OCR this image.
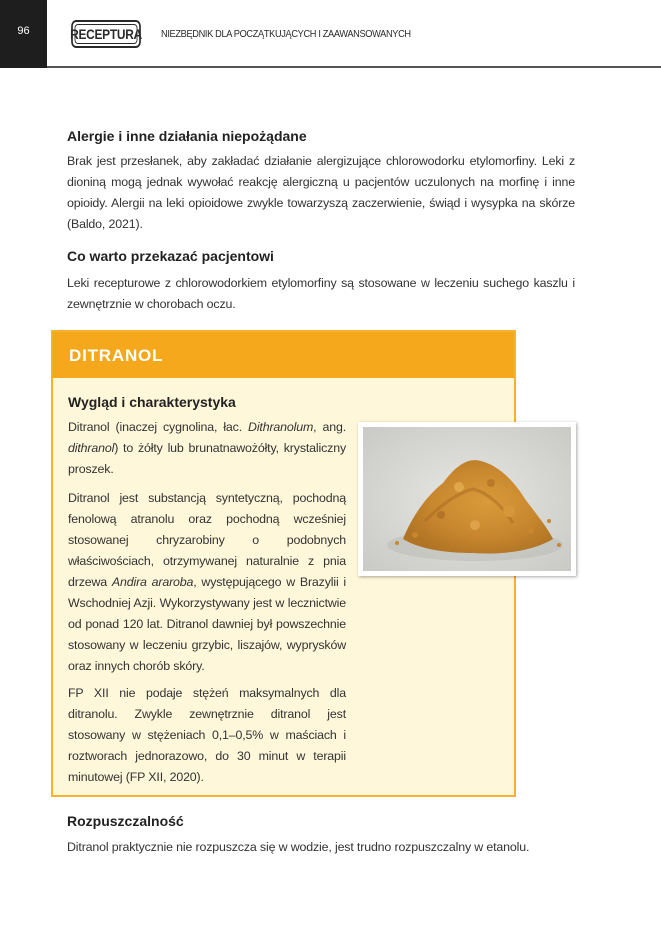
96	RECEPTURA NIEZBĘDNIK DLA POCZĄTKUJĄCYCH I ZAAWANSOWANYCH
Alergie i inne działania niepożądane

Brak jest przesłanek, aby zakładać działanie alergizujące chlorowodorku etylomorfiny. Leki z dioniną mogą jednak wywołać reakcję alergiczną u pacjentów uczulonych na morfinę i inne opioidy. Alergii na leki opioidowe zwykle towarzyszą zaczerwienie, świąd i wysypka na skórze (Baldo, 2021).

Co warto przekazać pacjentowi

Leki recepturowe z chlorowodorkiem etylomorfiny są stosowane w leczeniu suchego kaszlu i zewnętrznie w chorobach oczu.

DITRANOL
Wygląd i charakterystyka

Ditranol (inaczej cygnolina, łac. Dithranolum, ang. dithranol) to żółty lub brunatnawożółty, krystaliczny proszek.

Ditranol jest substancją syntetyczną, pochodną fenolową atranolu oraz pochodną wcześniej stosowanej chryzarobiny o podobnych właściwościach, otrzymywanej naturalnie z pnia drzewa Andira araroba, występującego w Brazylii i Wschodniej Azji. Wykorzystywany jest w lecznictwie od ponad 120 lat. Ditranol dawniej był powszechnie stosowany w leczeniu grzybic, liszajów, wyprysków oraz innych chorób skóry.

FP XII nie podaje stężeń maksymalnych dla ditranolu. Zwykle zewnętrznie ditranol jest stosowany w stężeniach 0,1–0,5% w maściach i roztworach jednorazowo, do 30 minut w terapii minutowej (FP XII, 2020).

Rozpuszczalność

Ditranol praktycznie nie rozpuszcza się w wodzie, jest trudno rozpuszczalny w etanolu.
